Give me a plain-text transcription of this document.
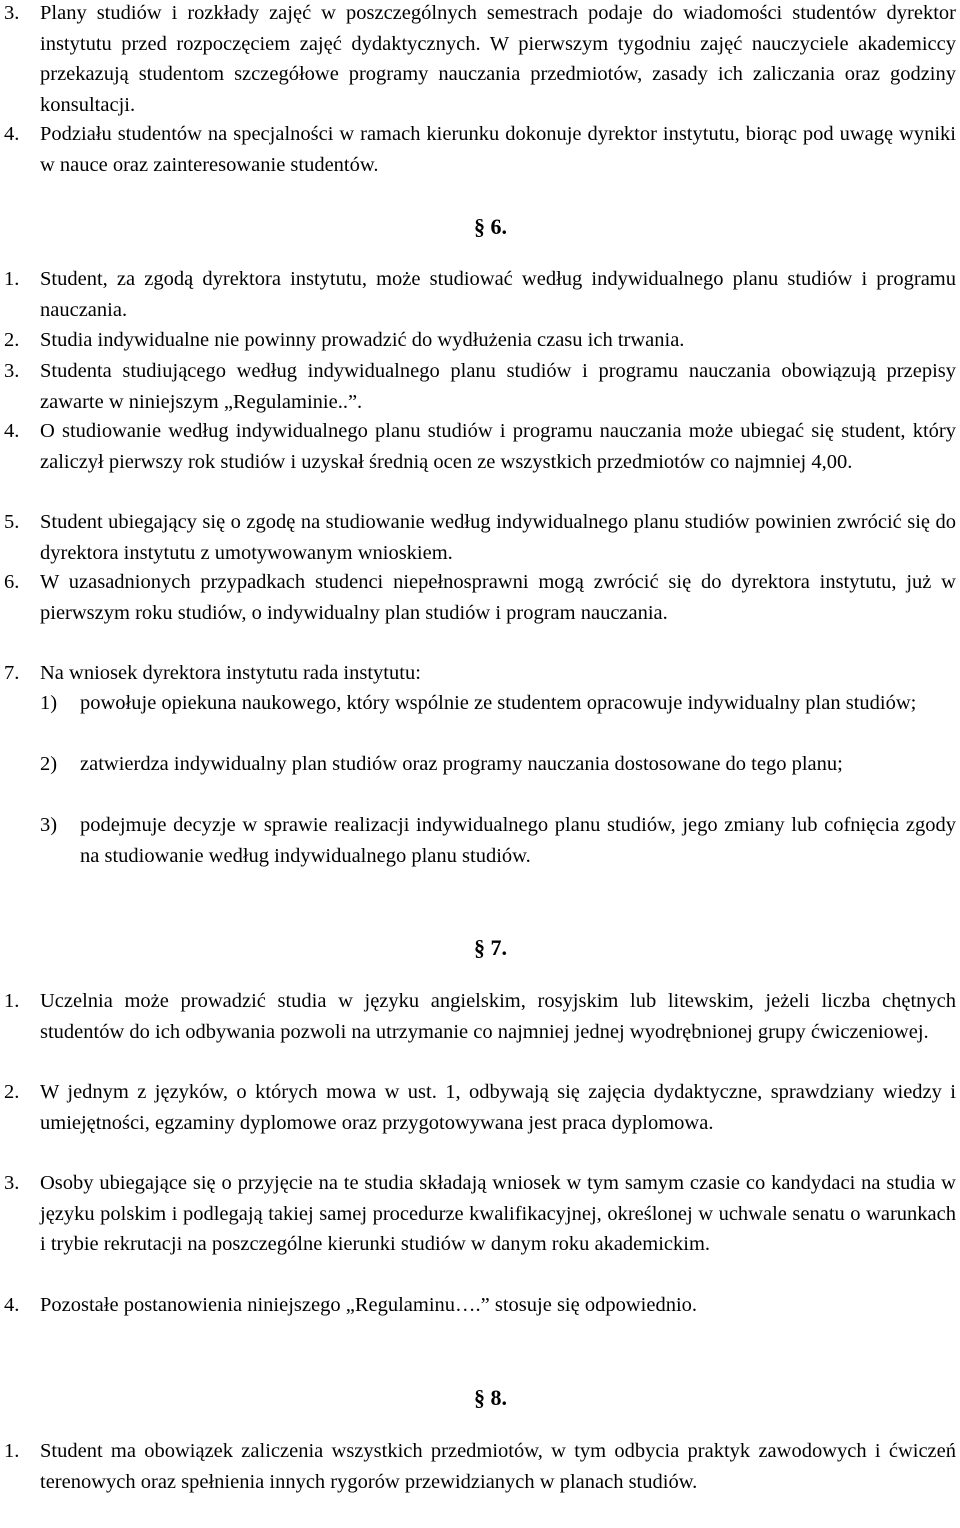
3. Plany studiów i rozkłady zajęć w poszczególnych semestrach podaje do wiadomości studentów dyrektor instytutu przed rozpoczęciem zajęć dydaktycznych. W pierwszym tygodniu zajęć nauczyciele akademiccy przekazują studentom szczegółowe programy nauczania przedmiotów, zasady ich zaliczania oraz godziny konsultacji.
4. Podziału studentów na specjalności w ramach kierunku dokonuje dyrektor instytutu, biorąc pod uwagę wyniki w nauce oraz zainteresowanie studentów.
§ 6.
1. Student, za zgodą dyrektora instytutu, może studiować według indywidualnego planu studiów i programu nauczania.
2. Studia indywidualne nie powinny prowadzić do wydłużenia czasu ich trwania.
3. Studenta studiującego według indywidualnego planu studiów i programu nauczania obowiązują przepisy zawarte w niniejszym „Regulaminie..”.
4. O studiowanie według indywidualnego planu studiów i programu nauczania może ubiegać się student, który zaliczył pierwszy rok studiów i uzyskał średnią ocen ze wszystkich przedmiotów co najmniej 4,00.
5. Student ubiegający się o zgodę na studiowanie według indywidualnego planu studiów powinien zwrócić się do dyrektora instytutu z umotywowanym wnioskiem.
6. W uzasadnionych przypadkach studenci niepełnosprawni mogą zwrócić się do dyrektora instytutu, już w pierwszym roku studiów, o indywidualny plan studiów i program nauczania.
7. Na wniosek dyrektora instytutu rada instytutu:
1) powołuje opiekuna naukowego, który wspólnie ze studentem opracowuje indywidualny plan studiów;
2) zatwierdza indywidualny plan studiów oraz programy nauczania dostosowane do tego planu;
3) podejmuje decyzje w sprawie realizacji indywidualnego planu studiów, jego zmiany lub cofnięcia zgody na studiowanie według indywidualnego planu studiów.
§ 7.
1. Uczelnia może prowadzić studia w języku angielskim, rosyjskim lub litewskim, jeżeli liczba chętnych studentów do ich odbywania pozwoli na utrzymanie co najmniej jednej wyodrębnionej grupy ćwiczeniowej.
2. W jednym z języków, o których mowa w ust. 1, odbywają się zajęcia dydaktyczne, sprawdziany wiedzy i umiejętności, egzaminy dyplomowe oraz przygotowywana jest praca dyplomowa.
3. Osoby ubiegające się o przyjęcie na te studia składają wniosek w tym samym czasie co kandydaci na studia w języku polskim i podlegają takiej samej procedurze kwalifikacyjnej, określonej w uchwale senatu o warunkach i trybie rekrutacji na poszczególne kierunki studiów w danym roku akademickim.
4. Pozostałe postanowienia niniejszego „Regulaminu….” stosuje się odpowiednio.
§ 8.
1. Student ma obowiązek zaliczenia wszystkich przedmiotów, w tym odbycia praktyk zawodowych i ćwiczeń terenowych oraz spełnienia innych rygorów przewidzianych w planach studiów.
